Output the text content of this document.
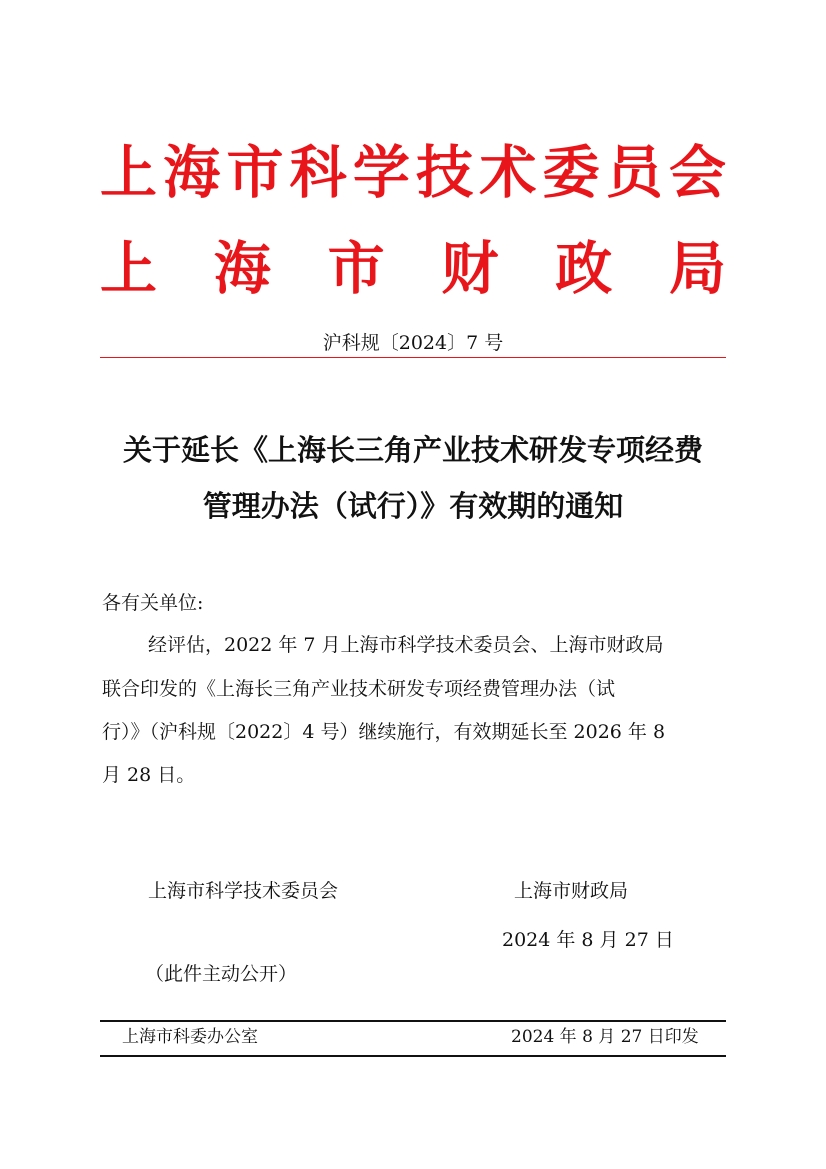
上 海 市 科 学 技 术 委 员 会
上 海 市 财 政 局
沪科规〔2024〕7 号
关于延长《上海长三角产业技术研发专项经费
管理办法（试行）》有效期的通知
各有关单位:
经评估，2022 年 7 月上海市科学技术委员会、上海市财政局
联合印发的《上海长三角产业技术研发专项经费管理办法（试
行）》（沪科规〔2022〕4 号）继续施行，有效期延长至 2026 年 8
月 28 日。
上海市科学技术委员会	上海市财政局
2024 年 8 月 27 日
（此件主动公开）
上海市科委办公室	2024 年 8 月 27 日印发
